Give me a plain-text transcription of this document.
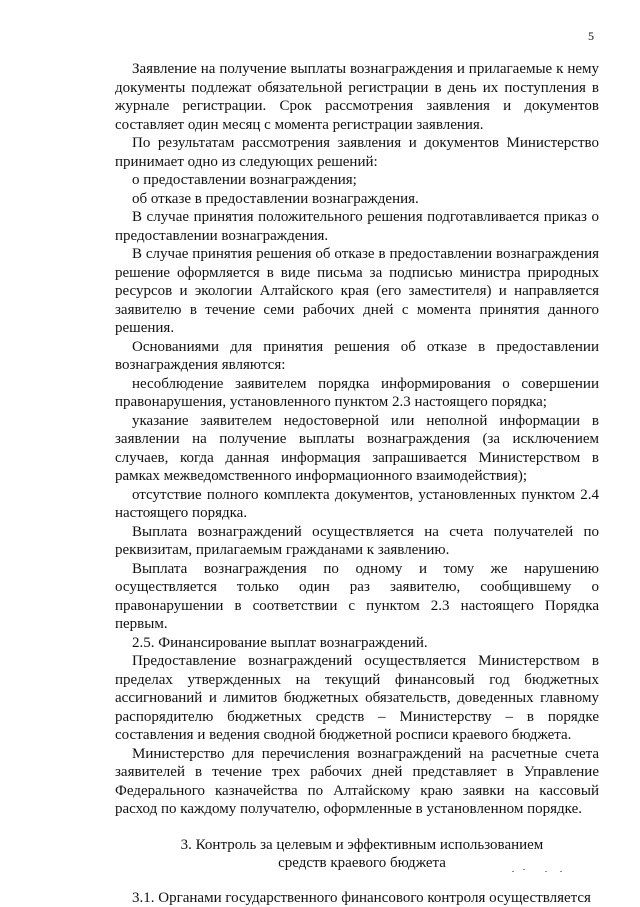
5

Заявление на получение выплаты вознаграждения и прилагаемые к нему документы подлежат обязательной регистрации в день их поступления в журнале регистрации. Срок рассмотрения заявления и документов составляет один месяц с момента регистрации заявления.

По результатам рассмотрения заявления и документов Министерство принимает одно из следующих решений:

о предоставлении вознаграждения;

об отказе в предоставлении вознаграждения.

В случае принятия положительного решения подготавливается приказ о предоставлении вознаграждения.

В случае принятия решения об отказе в предоставлении вознаграждения решение оформляется в виде письма за подписью министра природных ресурсов и экологии Алтайского края (его заместителя) и направляется заявителю в течение семи рабочих дней с момента принятия данного решения.

Основаниями для принятия решения об отказе в предоставлении вознаграждения являются:

несоблюдение заявителем порядка информирования о совершении правонарушения, установленного пунктом 2.3 настоящего порядка;

указание заявителем недостоверной или неполной информации в заявлении на получение выплаты вознаграждения (за исключением случаев, когда данная информация запрашивается Министерством в рамках межведомственного информационного взаимодействия);

отсутствие полного комплекта документов, установленных пунктом 2.4 настоящего порядка.

Выплата вознаграждений осуществляется на счета получателей по реквизитам, прилагаемым гражданами к заявлению.

Выплата вознаграждения по одному и тому же нарушению осуществляется только один раз заявителю, сообщившему о правонарушении в соответствии с пунктом 2.3 настоящего Порядка первым.

2.5. Финансирование выплат вознаграждений.

Предоставление вознаграждений осуществляется Министерством в пределах утвержденных на текущий финансовый год бюджетных ассигнований и лимитов бюджетных обязательств, доведенных главному распорядителю бюджетных средств – Министерству – в порядке составления и ведения сводной бюджетной росписи краевого бюджета.

Министерство для перечисления вознаграждений на расчетные счета заявителей в течение трех рабочих дней представляет в Управление Федерального казначейства по Алтайскому краю заявки на кассовый расход по каждому получателю, оформленные в установленном порядке.

3. Контроль за целевым и эффективным использованием
средств краевого бюджета

3.1. Органами государственного финансового контроля осуществляется
